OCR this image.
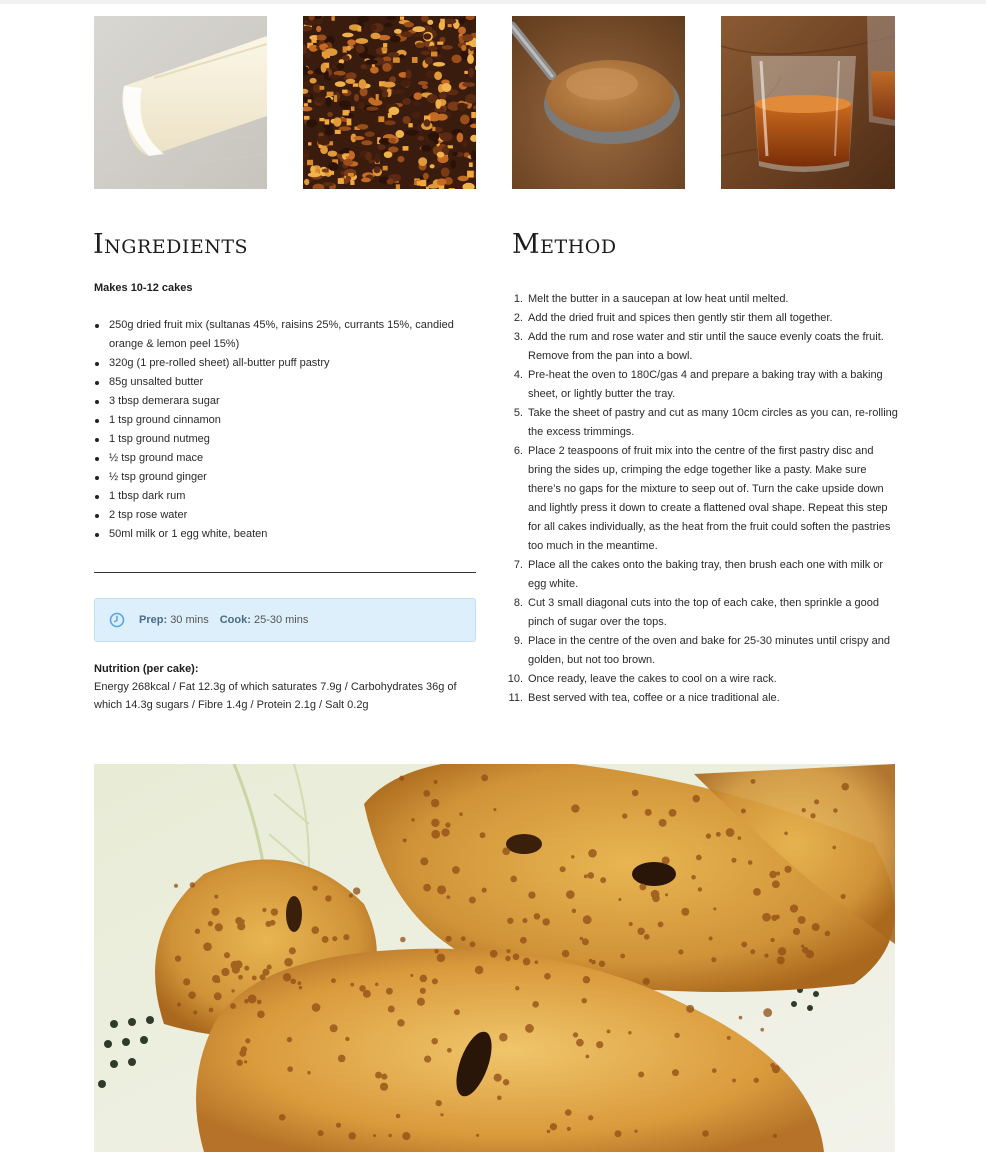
Ingredients	Method
Makes 10-12 cakes
250g dried fruit mix (sultanas 45%, raisins 25%, currants 15%, candied orange & lemon peel 15%)
320g (1 pre-rolled sheet) all-butter puff pastry
85g unsalted butter
3 tbsp demerara sugar
1 tsp ground cinnamon
1 tsp ground nutmeg
½ tsp ground mace
½ tsp ground ginger
1 tbsp dark rum
2 tsp rose water
50ml milk or 1 egg white, beaten
Prep:
30 mins Cook:
25-30 mins
Nutrition (per cake):
Energy 268kcal / Fat 12.3g of which saturates 7.9g / Carbohydrates 36g of which 14.3g sugars / Fibre 1.4g / Protein 2.1g / Salt 0.2g
1. Melt the butter in a saucepan at low heat until melted.
2. Add the dried fruit and spices then gently stir them all together.
3. Add the rum and rose water and stir until the sauce evenly coats the fruit. Remove from the pan into a bowl.
4. Pre-heat the oven to 180C/gas 4 and prepare a baking tray with a baking sheet, or lightly butter the tray.
5. Take the sheet of pastry and cut as many 10cm circles as you can, re-rolling the excess trimmings.
6. Place 2 teaspoons of fruit mix into the centre of the first pastry disc and bring the sides up, crimping the edge together like a pasty. Make sure there’s no gaps for the mixture to seep out of. Turn the cake upside down and lightly press it down to create a flattened oval shape. Repeat this step for all cakes individually, as the heat from the fruit could soften the pastries too much in the meantime.
7. Place all the cakes onto the baking tray, then brush each one with milk or egg white.
8. Cut 3 small diagonal cuts into the top of each cake, then sprinkle a good pinch of sugar over the tops.
9. Place in the centre of the oven and bake for 25-30 minutes until crispy and golden, but not too brown.
10. Once ready, leave the cakes to cool on a wire rack.
11. Best served with tea, coffee or a nice traditional ale.
